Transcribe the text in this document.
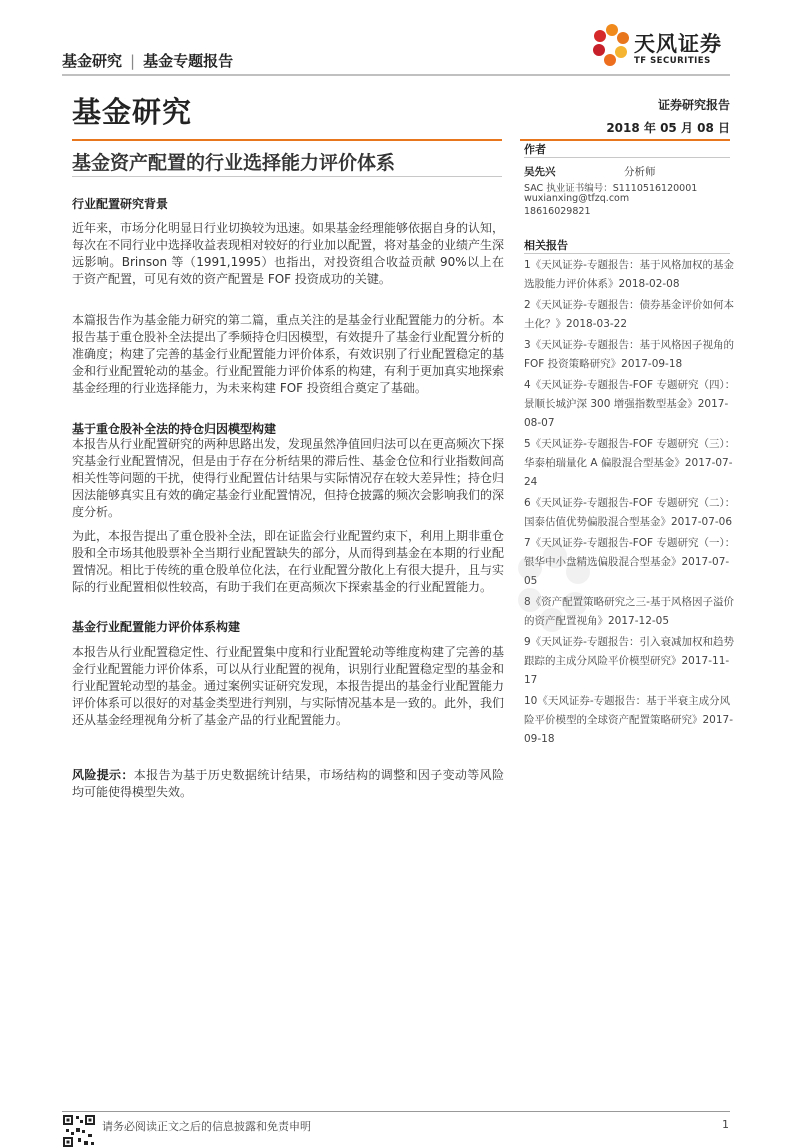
基金研究 | 基金专题报告
天风证券
TF SECURITIES
基金研究	证券研究报告
2018 年 05 月 08 日
基金资产配置的行业选择能力评价体系
作者
吴先兴	分析师
SAC 执业证书编号：S1110516120001
wuxianxing@tfzq.com
18616029821
相关报告
1《天风证券-专题报告：基于风格加权的基金选股能力评价体系》2018-02-08
2《天风证券-专题报告：债券基金评价如何本土化？》2018-03-22
3《天风证券-专题报告：基于风格因子视角的 FOF 投资策略研究》2017-09-18
4《天风证券-专题报告-FOF 专题研究（四）：景顺长城沪深 300 增强指数型基金》2017-08-07
5《天风证券-专题报告-FOF 专题研究（三）：华泰柏瑞量化 A 偏股混合型基金》2017-07-24
6《天风证券-专题报告-FOF 专题研究（二）：国泰估值优势偏股混合型基金》2017-07-06
7《天风证券-专题报告-FOF 专题研究（一）：银华中小盘精选偏股混合型基金》2017-07-05
8《资产配置策略研究之三-基于风格因子溢价的资产配置视角》2017-12-05
9《天风证券-专题报告：引入衰减加权和趋势跟踪的主成分风险平价模型研究》2017-11-17
10《天风证券-专题报告：基于半衰主成分风险平价模型的全球资产配置策略研究》2017-09-18
行业配置研究背景

近年来，市场分化明显日行业切换较为迅速。如果基金经理能够依据自身的认知，每次在不同行业中选择收益表现相对较好的行业加以配置，将对基金的业绩产生深远影响。Brinson 等（1991,1995）也指出，对投资组合收益贡献 90%以上在于资产配置，可见有效的资产配置是 FOF 投资成功的关键。

本篇报告作为基金能力研究的第二篇，重点关注的是基金行业配置能力的分析。本报告基于重仓股补全法提出了季频持仓归因模型，有效提升了基金行业配置分析的准确度；构建了完善的基金行业配置能力评价体系，有效识别了行业配置稳定的基金和行业配置轮动的基金。行业配置能力评价体系的构建，有利于更加真实地探索基金经理的行业选择能力，为未来构建 FOF 投资组合奠定了基础。

基于重仓股补全法的持仓归因模型构建

本报告从行业配置研究的两种思路出发，发现虽然净值回归法可以在更高频次下探究基金行业配置情况，但是由于存在分析结果的滞后性、基金仓位和行业指数间高相关性等问题的干扰，使得行业配置估计结果与实际情况存在较大差异性；持仓归因法能够真实且有效的确定基金行业配置情况，但持仓披露的频次会影响我们的深度分析。

为此，本报告提出了重仓股补全法，即在证监会行业配置约束下，利用上期非重仓股和全市场其他股票补全当期行业配置缺失的部分，从而得到基金在本期的行业配置情况。相比于传统的重仓股单位化法，在行业配置分散化上有很大提升，且与实际的行业配置相似性较高，有助于我们在更高频次下探索基金的行业配置能力。

基金行业配置能力评价体系构建

本报告从行业配置稳定性、行业配置集中度和行业配置轮动等维度构建了完善的基金行业配置能力评价体系，可以从行业配置的视角，识别行业配置稳定型的基金和行业配置轮动型的基金。通过案例实证研究发现，本报告提出的基金行业配置能力评价体系可以很好的对基金类型进行判别，与实际情况基本是一致的。此外，我们还从基金经理视角分析了基金产品的行业配置能力。

风险提示：本报告为基于历史数据统计结果，市场结构的调整和因子变动等风险均可能使得模型失效。

请务必阅读正文之后的信息披露和免责申明	1
